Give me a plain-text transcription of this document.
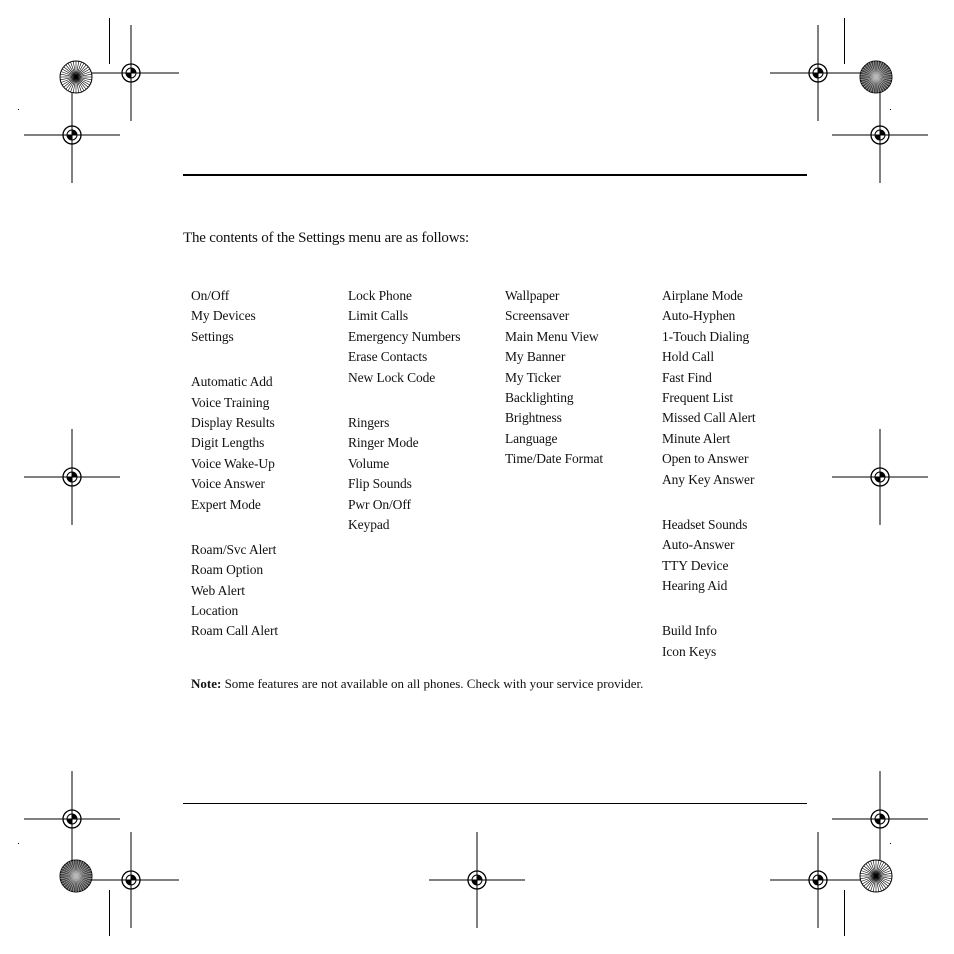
The contents of the Settings menu are as follows:
On/Off
My Devices
Settings
Automatic Add
Voice Training
Display Results
Digit Lengths
Voice Wake-Up
Voice Answer
Expert Mode
Roam/Svc Alert
Roam Option
Web Alert
Location
Roam Call Alert
Lock Phone
Limit Calls
Emergency Numbers
Erase Contacts
New Lock Code
Ringers
Ringer Mode
Volume
Flip Sounds
Pwr On/Off
Keypad
Wallpaper
Screensaver
Main Menu View
My Banner
My Ticker
Backlighting
Brightness
Language
Time/Date Format
Airplane Mode
Auto-Hyphen
1-Touch Dialing
Hold Call
Fast Find
Frequent List
Missed Call Alert
Minute Alert
Open to Answer
Any Key Answer
Headset Sounds
Auto-Answer
TTY Device
Hearing Aid
Build Info
Icon Keys
Note: Some features are not available on all phones. Check with your service provider.
